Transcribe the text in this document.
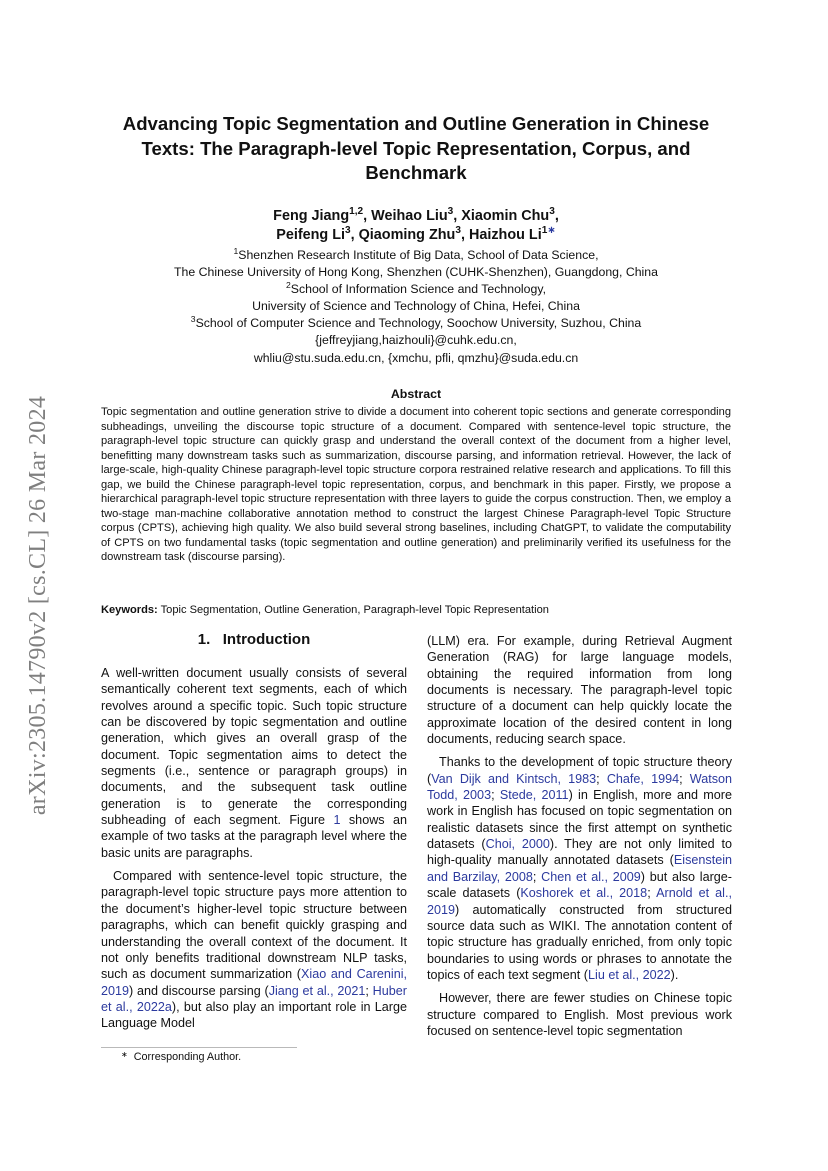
arXiv:2305.14790v2 [cs.CL] 26 Mar 2024
Advancing Topic Segmentation and Outline Generation in Chinese
Texts: The Paragraph-level Topic Representation, Corpus, and
Benchmark
Feng Jiang$^{1,2}$, Weihao Liu$^3$, Xiaomin Chu$^3$,
Peifeng Li$^3$, Qiaoming Zhu$^3$, Haizhou $Li^{1∗}$
$^1$Shenzhen Research Institute of Big Data, School of Data Science,
The Chinese University of Hong Kong, Shenzhen (CUHK-Shenzhen), Guangdong, China
$^2$School of Information Science and Technology,
University of Science and Technology of China, Hefei, China
$^3$School of Computer Science and Technology, Soochow University, Suzhou, China
{jeffreyjiang,haizhouli}@cuhk.edu.cn,
whliu@stu.suda.edu.cn, {xmchu, pfli, qmzhu}@suda.edu.cn
Abstract
Topic segmentation and outline generation strive to divide a document into coherent topic sections and generate corresponding subheadings, unveiling the discourse topic structure of a document. Compared with sentence-level topic structure, the paragraph-level topic structure can quickly grasp and understand the overall context of the document from a higher level, benefitting many downstream tasks such as summarization, discourse parsing, and information retrieval. However, the lack of large-scale, high-quality Chinese paragraph-level topic structure corpora restrained relative research and applications. To fill this gap, we build the Chinese paragraph-level topic representation, corpus, and benchmark in this paper. Firstly, we propose a hierarchical paragraph-level topic structure representation with three layers to guide the corpus construction. Then, we employ a two-stage man-machine collaborative annotation method to construct the largest Chinese Paragraph-level Topic Structure corpus (CPTS), achieving high quality. We also build several strong baselines, including ChatGPT, to validate the computability of CPTS on two fundamental tasks (topic segmentation and outline generation) and preliminarily verified its usefulness for the downstream task (discourse parsing).
Keywords: Topic Segmentation, Outline Generation, Paragraph-level Topic Representation
1. Introduction

A well-written document usually consists of several semantically coherent text segments, each of which revolves around a specific topic. Such topic structure can be discovered by topic segmentation and outline generation, which gives an overall grasp of the document. Topic segmentation aims to detect the segments (i.e., sentence or paragraph groups) in documents, and the subsequent task outline generation is to generate the corresponding subheading of each segment. Figure 1 shows an example of two tasks at the paragraph level where the basic units are paragraphs.

Compared with sentence-level topic structure, the paragraph-level topic structure pays more attention to the document’s higher-level topic structure between paragraphs, which can benefit quickly grasping and understanding the overall context of the document. It not only benefits traditional downstream NLP tasks, such as document summarization (Xiao and Carenini, 2019) and discourse parsing (Jiang et al., 2021; Huber et al., 2022a), but also play an important role in Large Language Model

(LLM) era. For example, during Retrieval Augment Generation (RAG) for large language models, obtaining the required information from long documents is necessary. The paragraph-level topic structure of a document can help quickly locate the approximate location of the desired content in long documents, reducing search space.

Thanks to the development of topic structure theory (Van Dijk and Kintsch, 1983; Chafe, 1994; Watson Todd, 2003; Stede, 2011) in English, more and more work in English has focused on topic segmentation on realistic datasets since the first attempt on synthetic datasets (Choi, 2000). They are not only limited to high-quality manually annotated datasets (Eisenstein and Barzilay, 2008; Chen et al., 2009) but also large-scale datasets (Koshorek et al., 2018; Arnold et al., 2019) automatically constructed from structured source data such as WIKI. The annotation content of topic structure has gradually enriched, from only topic boundaries to using words or phrases to annotate the topics of each text segment (Liu et al., 2022).

However, there are fewer studies on Chinese topic structure compared to English. Most previous work focused on sentence-level topic segmentation

∗ Corresponding Author.
